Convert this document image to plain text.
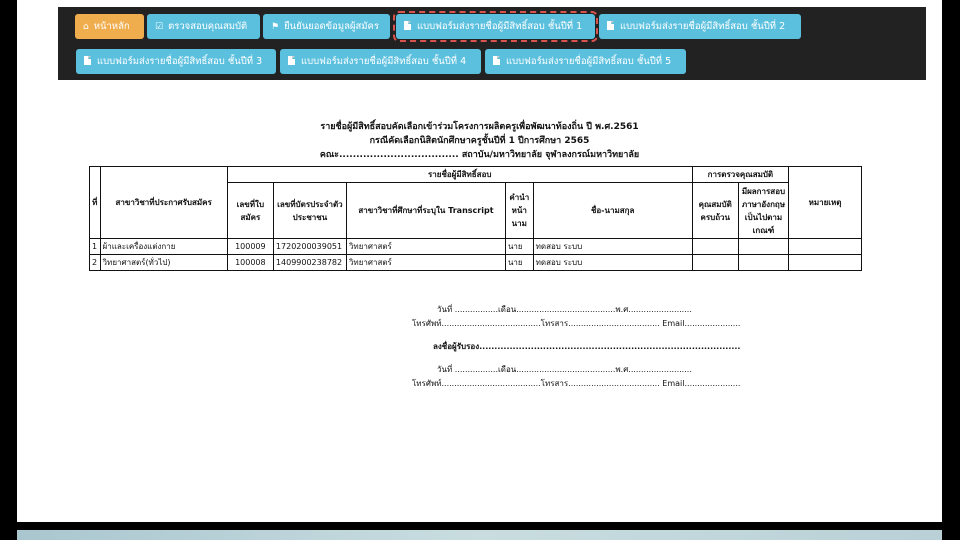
⌂ หน้าหลัก	☑ ตรวจสอบคุณสมบัติ	⚑ ยืนยันยอดข้อมูลผู้สมัคร	แบบฟอร์มส่งรายชื่อผู้มีสิทธิ์สอบ ชั้นปีที่ 1	แบบฟอร์มส่งรายชื่อผู้มีสิทธิ์สอบ ชั้นปีที่ 2
แบบฟอร์มส่งรายชื่อผู้มีสิทธิ์สอบ ชั้นปีที่ 3	แบบฟอร์มส่งรายชื่อผู้มีสิทธิ์สอบ ชั้นปีที่ 4	แบบฟอร์มส่งรายชื่อผู้มีสิทธิ์สอบ ชั้นปีที่ 5
รายชื่อผู้มีสิทธิ์สอบคัดเลือกเข้าร่วมโครงการผลิตครูเพื่อพัฒนาท้องถิ่น ปี พ.ศ.2561
กรณีคัดเลือกนิสิตนักศึกษาครูชั้นปีที่ 1 ปีการศึกษา 2565
คณะ................................... สถาบัน/มหาวิทยาลัย จุฬาลงกรณ์มหาวิทยาลัย
ที่	สาขาวิชาที่ประกาศรับสมัคร	รายชื่อผู้มีสิทธิ์สอบ					การตรวจคุณสมบัติ		หมายเหตุ
		เลขที่ใบสมัคร	เลขที่บัตรประจำตัวประชาชน	สาขาวิชาที่ศึกษาที่ระบุใน Transcript	คำนำหน้านาม	ชื่อ-นามสกุล	คุณสมบัติครบถ้วน	มีผลการสอบภาษาอังกฤษเป็นไปตามเกณฑ์	
1	ผ้าและเครื่องแต่งกาย	100009	1720200039051	วิทยาศาสตร์	นาย	ทดสอบ ระบบ			
2	วิทยาศาสตร์(ทั่วไป)	100008	1409900238782	วิทยาศาสตร์	นาย	ทดสอบ ระบบ			
วันที่ .................เดือน.......................................พ.ศ.........................
โทรศัพท์.......................................โทรสาร.................................... Email......................
ลงชื่อผู้รับรอง......................................................................................
วันที่ .................เดือน.......................................พ.ศ.........................
โทรศัพท์.......................................โทรสาร.................................... Email......................
